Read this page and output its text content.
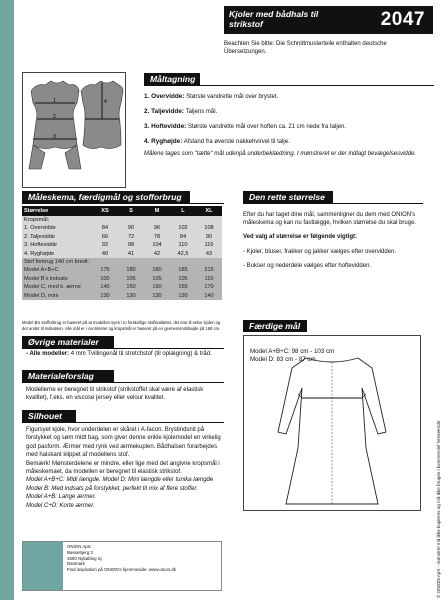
Kjoler med bådhals til strikstof	2047
Beachten Sie bitte: Die Schnittmusterteile enthalten deutsche Übersetzungen.
Måltagning
1
2
3
4
1. Overvidde: Største vandrette mål over brystet.
2. Taljevidde: Taljens mål.
3. Hoftevidde: Største vandrette mål over hoften ca. 21 cm nede fra taljen.
4. Ryghøjde: Afstand fra øverste nakkehvirvel til talje.
Målene tages som "tætte" mål udenpå underbeklædning. I mønstreret er der indlagt bevægelsesvidde.
Måleskema, færdigmål og stofforbrug
Størrelse	XS	S	M	L	XL
Kropsmål:					
1. Overvidde	84	90	96	102	108
2. Taljevidde	66	72	78	84	90
3. Hoftevidde	92	98	104	110	116
4. Ryghøjde	40	41	42	42,5	43
Stof forbrug 140 cm bredt:					
Model A+B+C	175	180	180	185	215
Model B's indsats	100	105	105	105	110
Model C, med k. ærme	140	150	160	165	170
Model D, mini	130	130	130	130	140
Model B's stofforbrug er baseret på at modellen syes i to forskellige stofkvaliteter, det ene til selve kjolen og det andet til indsatsen. Alle mål er i centimeter og kropsmål er baseret på en gennemsnitshøjde på 168 cm.
Øvrige materialer
- Alle modeller: 4 mm Tvillingenål til stretchstof (til oplægning) & tråd.
Materialeforslag
Modellerne er beregnet til strikstof (strikstoffet skal være af elastisk kvalitet), f.eks. en viscose jersey eller velour kvalitet.
Silhouet

Figursyet kjole, hvor underdelen er skåret i A-facon. Brystindsnit på forstykket og søm midt bag, som giver denne enkle kjolemodel en virkelig god pasform. Ærmer med rynk ved ærmekuplen. Bådhalsen forarbejdes med halskant klippet af modellens stof.

Bemærk! Mønsterdelene er mindre, eller lige med det angivne kropsmål i måleskemaet, da modellen er beregnet til elastisk strikstof.

Model A+B+C: Midi længde. Model D: Mini længde eller tunika længde

Model B: Med indsats på forstykket, perfekt til mix af flere stoffer.

Model A+B: Lange ærmer.

Model C+D: Korte ærmer.

ONION ApS
Bøssebjerg 3
4500 Nykøbing Sj
Danmark
Find inspiration på ONION's hjemmeside: www.onion.dk
Den rette størrelse

Efter du har taget dine mål, sammenligner du dem med ONION's måleskema og kan nu fastlægge, hvilken størrelse du skal bruge.

Ved valg af størrelse er følgende vigtigt:

- Kjoler, bluser, frakker og jakker vælges efter overvidden.

- Bukser og nederdele vælges efter hoftevidden.

Færdige mål
Model A+B+C: 98 cm - 103 cm
Model D: 83 cm - 87 cm
© ONION ApS - mønstret må ikke kopieres og må ikke bruges i kommerciel henseende
